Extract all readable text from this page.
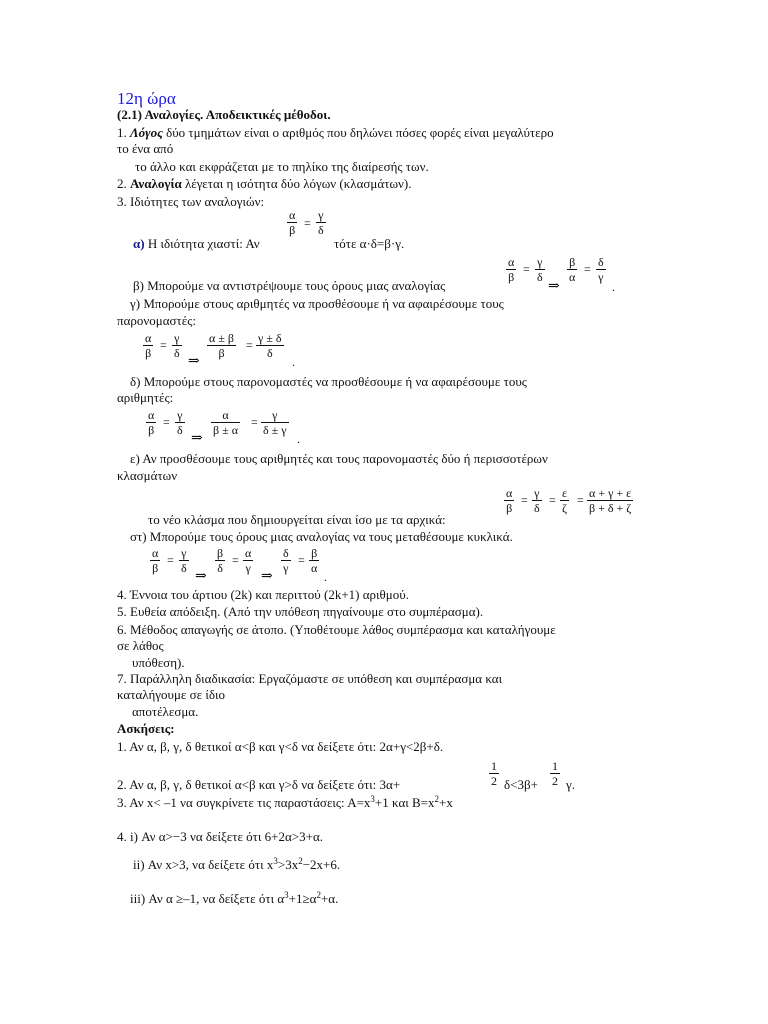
12η ώρα
(2.1) Αναλογίες. Αποδεικτικές μέθοδοι.
1. Λόγος δύο τμημάτων είναι ο αριθμός που δηλώνει πόσες φορές είναι μεγαλύτερο
το ένα από
το άλλο και εκφράζεται με το πηλίκο της διαίρεσής των.
2. Αναλογία λέγεται η ισότητα δύο λόγων (κλασμάτων).
3. Ιδιότητες των αναλογιών:
α
β =
γ
δ
α) Η ιδιότητα χιαστί: Αν	τότε α·δ=β·γ.
α
β
= γ
δ
⇒
β
α
= δ
γ
.
β) Μπορούμε να αντιστρέψουμε τους όρους μιας αναλογίας
γ) Μπορούμε στους αριθμητές να προσθέσουμε ή να αφαιρέσουμε τους
παρονομαστές:
α
β
= γ
δ
⇒
α ± β
β
= γ ± δ
δ
.
δ) Μπορούμε στους παρονομαστές να προσθέσουμε ή να αφαιρέσουμε τους
αριθμητές:
α
β
= γ
δ
⇒
α
β ± α
=	γ
δ ± γ
.
ε) Αν προσθέσουμε τους αριθμητές και τους παρονομαστές δύο ή περισσοτέρων
κλασμάτων
α
β
= γ
δ
= ε
ζ
= α + γ + ε
β + δ + ζ
το νέο κλάσμα που δημιουργείται είναι ίσο με τα αρχικά:
στ) Μπορούμε τους όρους μιας αναλογίας να τους μεταθέσουμε κυκλικά.
α
β
= γ
δ
⇒
β
δ
= α
γ
⇒
δ
γ
= β
α
.
4. Έννοια του άρτιου (2k) και περιττού (2k+1) αριθμού.
5. Ευθεία απόδειξη. (Από την υπόθεση πηγαίνουμε στο συμπέρασμα).
6. Μέθοδος απαγωγής σε άτοπο. (Υποθέτουμε λάθος συμπέρασμα και καταλήγουμε
σε λάθος
υπόθεση).
7. Παράλληλη διαδικασία: Εργαζόμαστε σε υπόθεση και συμπέρασμα και
καταλήγουμε σε ίδιο
αποτέλεσμα.
Ασκήσεις:
1. Αν α, β, γ, δ θετικοί α<β και γ<δ να δείξετε ότι: 2α+γ<2β+δ.
1
2
1
2
2. Αν α, β, γ, δ θετικοί α<β και γ>δ να δείξετε ότι: 3α+	δ<3β+ γ.
3. Αν x< –1 να συγκρίνετε τις παραστάσεις: $A=x^3+1$ και $B=x^2+x$
4. i) Αν α>−3 να δείξετε ότι 6+2α>3+α.
ii) Αν x>3, να δείξετε ότι $x^3>3x^2-2x+6$.
iii) Αν α ≥–1, να δείξετε ότι $\alpha^3+1\ge\alpha^2+\alpha$.
